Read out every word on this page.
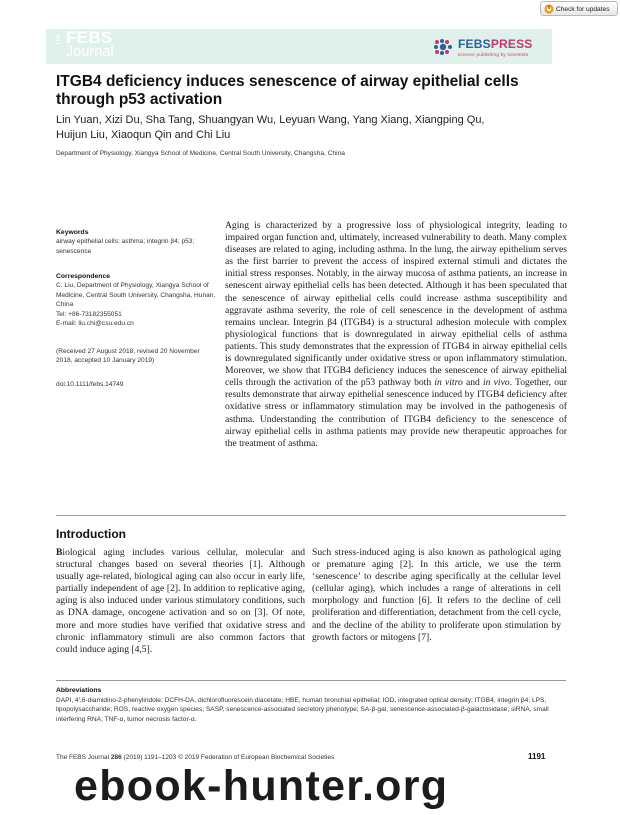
Check for updates
The FEBS
Journal	FEBSPRESS
science publishing by scientists
ITGB4 deficiency induces senescence of airway epithelial cells through p53 activation
Lin Yuan, Xizi Du, Sha Tang, Shuangyan Wu, Leyuan Wang, Yang Xiang, Xiangping Qu, Huijun Liu, Xiaoqun Qin and Chi Liu
Department of Physiology, Xiangya School of Medicine, Central South University, Changsha, China
Keywords

airway epithelial cells; asthma; integrin β4; p53; senescence

Correspondence

C. Liu, Department of Physiology, Xiangya School of Medicine, Central South University, Changsha, Hunan, China

Tel: +86-73182355051

E-mail: liu.chi@csu.edu.cn

(Received 27 August 2018, revised 20 November 2018, accepted 10 January 2019)
doi:10.1111/febs.14749

Aging is characterized by a progressive loss of physiological integrity, leading to impaired organ function and, ultimately, increased vulnerability to death. Many complex diseases are related to aging, including asthma. In the lung, the airway epithelium serves as the first barrier to prevent the access of inspired external stimuli and dictates the initial stress responses. Notably, in the airway mucosa of asthma patients, an increase in senescent airway epithelial cells has been detected. Although it has been speculated that the senescence of airway epithelial cells could increase asthma susceptibility and aggravate asthma severity, the role of cell senescence in the development of asthma remains unclear. Integrin β4 (ITGB4) is a structural adhesion molecule with complex physiological functions that is downregulated in airway epithelial cells of asthma patients. This study demonstrates that the expression of ITGB4 in airway epithelial cells is downregulated significantly under oxidative stress or upon inflammatory stimulation. Moreover, we show that ITGB4 deficiency induces the senescence of airway epithelial cells through the activation of the p53 pathway both in vitro and in vivo. Together, our results demonstrate that airway epithelial senescence induced by ITGB4 deficiency after oxidative stress or inflammatory stimulation may be involved in the pathogenesis of asthma. Understanding the contribution of ITGB4 deficiency to the senescence of airway epithelial cells in asthma patients may provide new therapeutic approaches for the treatment of asthma.

Introduction

Biological aging includes various cellular, molecular and structural changes based on several theories [1]. Although usually age-related, biological aging can also occur in early life, partially independent of age [2]. In addition to replicative aging, aging is also induced under various stimulatory conditions, such as DNA damage, oncogene activation and so on [3]. Of note, more and more studies have verified that oxidative stress and chronic inflammatory stimuli are also common factors that could induce aging [4,5].

Such stress-induced aging is also known as pathological aging or premature aging [2]. In this article, we use the term ‘senescence’ to describe aging specifically at the cellular level (cellular aging), which includes a range of alterations in cell morphology and function [6]. It refers to the decline of cell proliferation and differentiation, detachment from the cell cycle, and the decline of the ability to proliferate upon stimulation by growth factors or mitogens [7].

Abbreviations

DAPI, 4′,6-diamidino-2-phenylindole; DCFH-DA, dichlorofluorescein diacetate; HBE, human bronchial epithelial; IOD, integrated optical density; ITGB4, integrin β4; LPS, lipopolysaccharide; ROS, reactive oxygen species; SASP, senescence-associated secretory phenotype; SA-β-gal, senescence-associated-β-galactosidase; siRNA, small interfering RNA; TNF-α, tumor necrosis factor-α.

The FEBS Journal 286 (2019) 1191–1203 © 2019 Federation of European Biochemical Societies	1191
ebook-hunter.org
